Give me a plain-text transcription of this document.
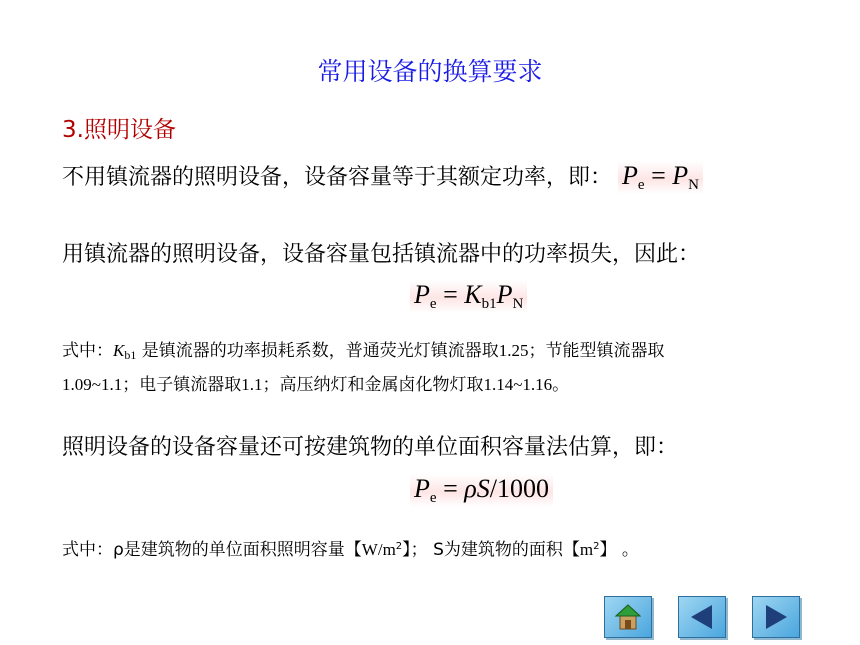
常用设备的换算要求
3.照明设备
不用镇流器的照明设备，设备容量等于其额定功率，即： $P_e = P_N$
用镇流器的照明设备，设备容量包括镇流器中的功率损失，因此：
$P_e = K_{b1}P_N$
式中：$K_{b1}$ 是镇流器的功率损耗系数，普通荧光灯镇流器取1.25；节能型镇流器取
1.09~1.1；电子镇流器取1.1；高压纳灯和金属卤化物灯取1.14~1.16。
照明设备的设备容量还可按建筑物的单位面积容量法估算，即：
$P_e = \rho S/1000$
式中：ρ是建筑物的单位面积照明容量【$W/m^2$】； S为建筑物的面积【$m^2$】 。
